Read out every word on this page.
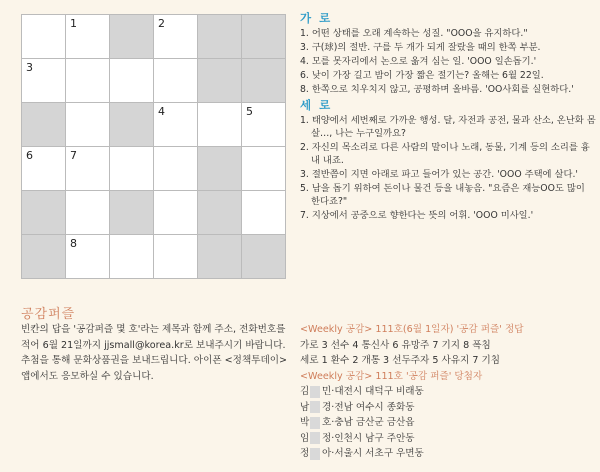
1	2
3
4	5
6	7
8
가 로
1. 어떤 상태를 오래 계속하는 성질. "OOO을 유지하다."
3. 구(球)의 절반. 구를 두 개가 되게 잘랐을 때의 한쪽 부분.
4. 모를 못자리에서 논으로 옮겨 심는 일. 'OOO 일손돕기.'
6. 낮이 가장 길고 밤이 가장 짧은 절기는? 올해는 6월 22일.
8. 한쪽으로 치우치지 않고, 공평하며 올바름. 'OO사회를 실현하다.'
세 로
1. 태양에서 세번째로 가까운 행성. 달, 자전과 공전, 물과 산소, 온난화 몸살…, 나는 누구일까요?
2. 자신의 목소리로 다른 사람의 말이나 노래, 동물, 기계 등의 소리를 흉내 내죠.
3. 절반쯤이 지면 아래로 파고 들어가 있는 공간. 'OOO 주택에 살다.'
5. 남을 돕기 위하여 돈이나 물건 등을 내놓음. "요즘은 재능OO도 많이 한다죠?"
7. 지상에서 공중으로 향한다는 뜻의 어휘. 'OOO 미사일.'
공감퍼즐
빈칸의 답을 '공감퍼즐 몇 호'라는 제목과 함께 주소, 전화번호를 적어 6월 21일까지 jjsmall@korea.kr로 보내주시기 바랍니다. 추첨을 통해 문화상품권을 보내드립니다. 아이폰 <정책투데이> 앱에서도 응모하실 수 있습니다.
<Weekly 공감> 111호(6월 1일자) '공감 퍼즐' 정답
가로 3 선수 4 통신사 6 유망주 7 기지 8 폭침
세로 1 환수 2 개통 3 선두주자 5 사유지 7 기침
<Weekly 공감> 111호 '공감 퍼즐' 당첨자
김 민·대전시 대덕구 비래동
남 경·전남 여수시 종화동
박 호·충남 금산군 금산읍
임 정·인천시 남구 주안동
정 아·서울시 서초구 우면동
